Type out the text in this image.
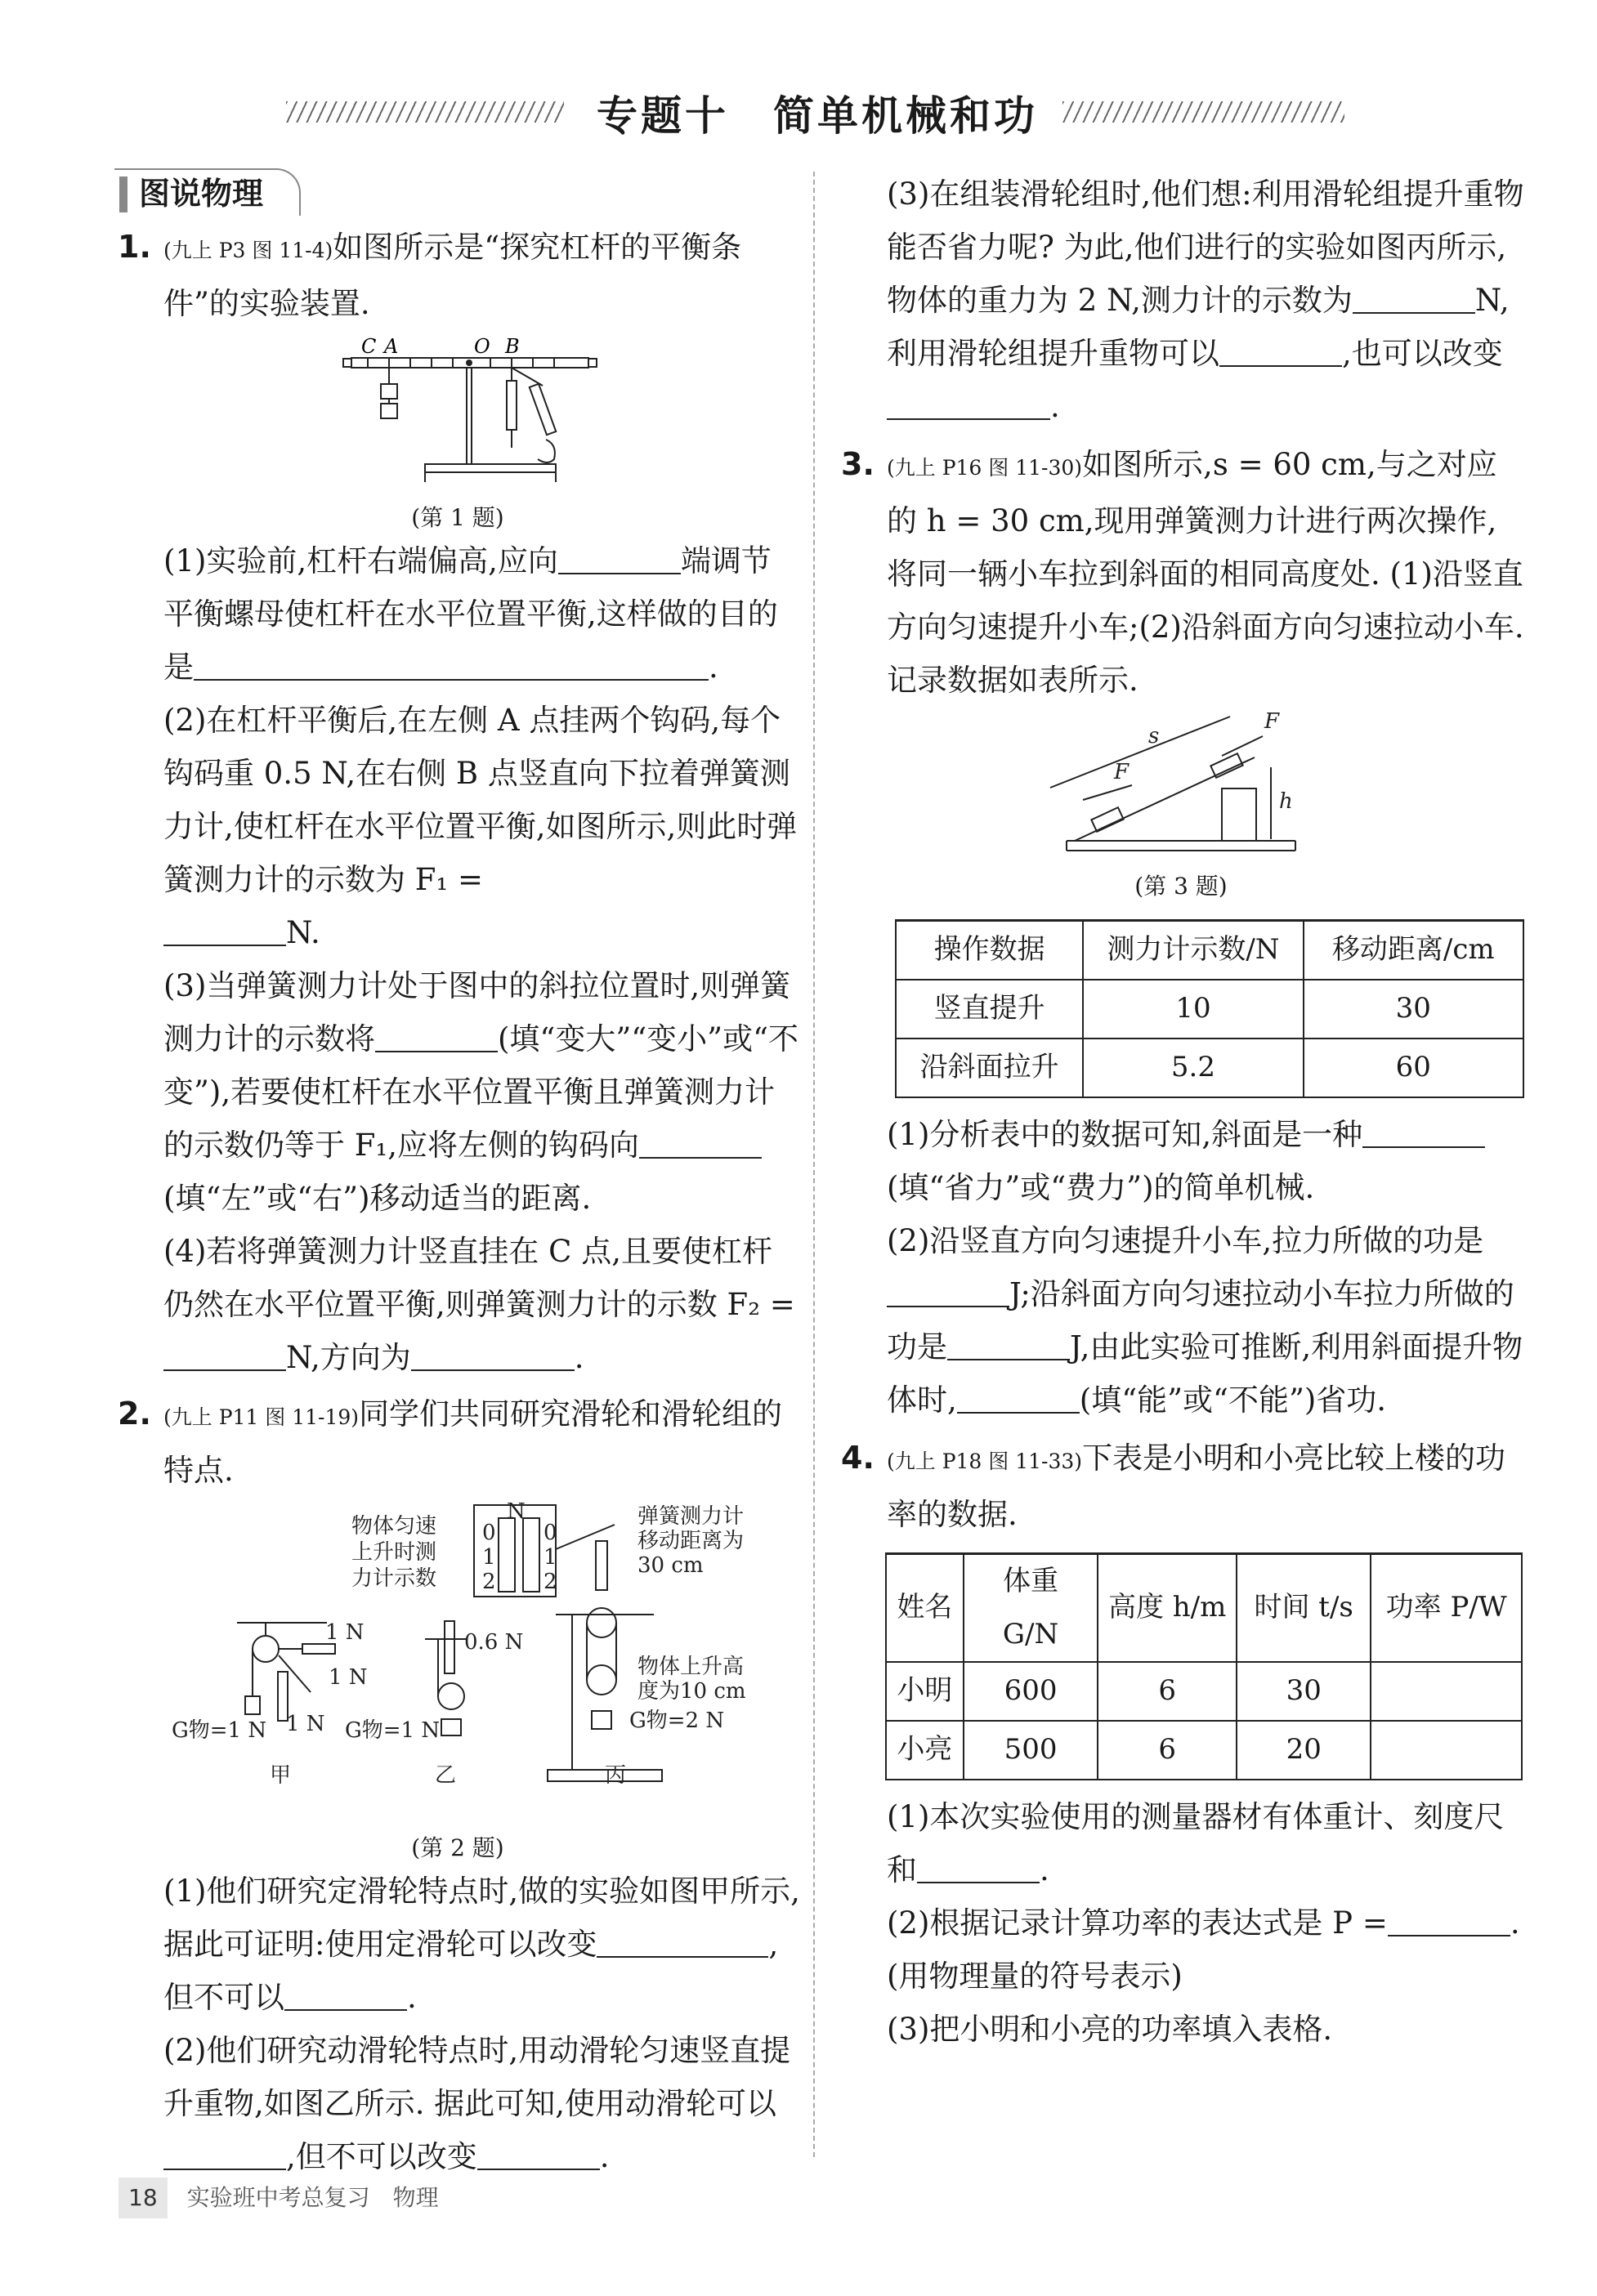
专题十　简单机械和功
图说物理
1. (九上 P3 图 11-4)如图所示是“探究杠杆的平衡条件”的实验装置.
C A	O B
(第 1 题)
(1)实验前,杠杆右端偏高,应向	端调节平衡螺母使杠杆在水平位置平衡,这样做的目的是	.
(2)在杠杆平衡后,在左侧 A 点挂两个钩码,每个钩码重 0.5 N,在右侧 B 点竖直向下拉着弹簧测力计,使杠杆在水平位置平衡,如图所示,则此时弹簧测力计的示数为 F₁ =
N.
(3)当弹簧测力计处于图中的斜拉位置时,则弹簧测力计的示数将	(填“变大”“变小”或“不变”),若要使杠杆在水平位置平衡且弹簧测力计的示数仍等于 F₁,应将左侧的钩码向(填“左”或“右”)移动适当的距离.
(4)若将弹簧测力计竖直挂在 C 点,且要使杠杆仍然在水平位置平衡,则弹簧测力计的示数 F₂ =N,方向为	.
2. (九上 P11 图 11-19)同学们共同研究滑轮和滑轮组的特点.
物体匀速上升时测力计示数
弹簧测力计移动距离为 30 cm
物体上升高度为10 cm
N
0
1
2
0
1
2
1 N
1 N
1 N
G物=1 N
0.6 N
G物=1 N	G物=2 N
甲	乙	丙
(第 2 题)
(1)他们研究定滑轮特点时,做的实验如图甲所示,据此可证明:使用定滑轮可以改变	,但不可以	.
(2)他们研究动滑轮特点时,用动滑轮匀速竖直提升重物,如图乙所示. 据此可知,使用动滑轮可以,但不可以改变	.
(3)在组装滑轮组时,他们想:利用滑轮组提升重物能否省力呢? 为此,他们进行的实验如图丙所示,物体的重力为 2 N,测力计的示数为	N,利用滑轮组提升重物可以	,也可以改变.
3. (九上 P16 图 11-30)如图所示,s = 60 cm,与之对应的 h = 30 cm,现用弹簧测力计进行两次操作,将同一辆小车拉到斜面的相同高度处. (1)沿竖直方向匀速提升小车;(2)沿斜面方向匀速拉动小车. 记录数据如表所示.
F
F
s
h
(第 3 题)
操作数据	测力计示数/N	移动距离/cm
竖直提升	10	30
沿斜面拉升	5.2	60
(1)分析表中的数据可知,斜面是一种(填“省力”或“费力”)的简单机械.
(2)沿竖直方向匀速提升小车,拉力所做的功是J;沿斜面方向匀速拉动小车拉力所做的功是	J,由此实验可推断,利用斜面提升物体时,	(填“能”或“不能”)省功.
4. (九上 P18 图 11-33)下表是小明和小亮比较上楼的功率的数据.
姓名	体重 G/N	高度 h/m	时间 t/s	功率 P/W
小明	600	6	30	
小亮	500	6	20	
(1)本次实验使用的测量器材有体重计、刻度尺和	.
(2)根据记录计算功率的表达式是 P =	. (用物理量的符号表示)
(3)把小明和小亮的功率填入表格.
18 实验班中考总复习　物理
